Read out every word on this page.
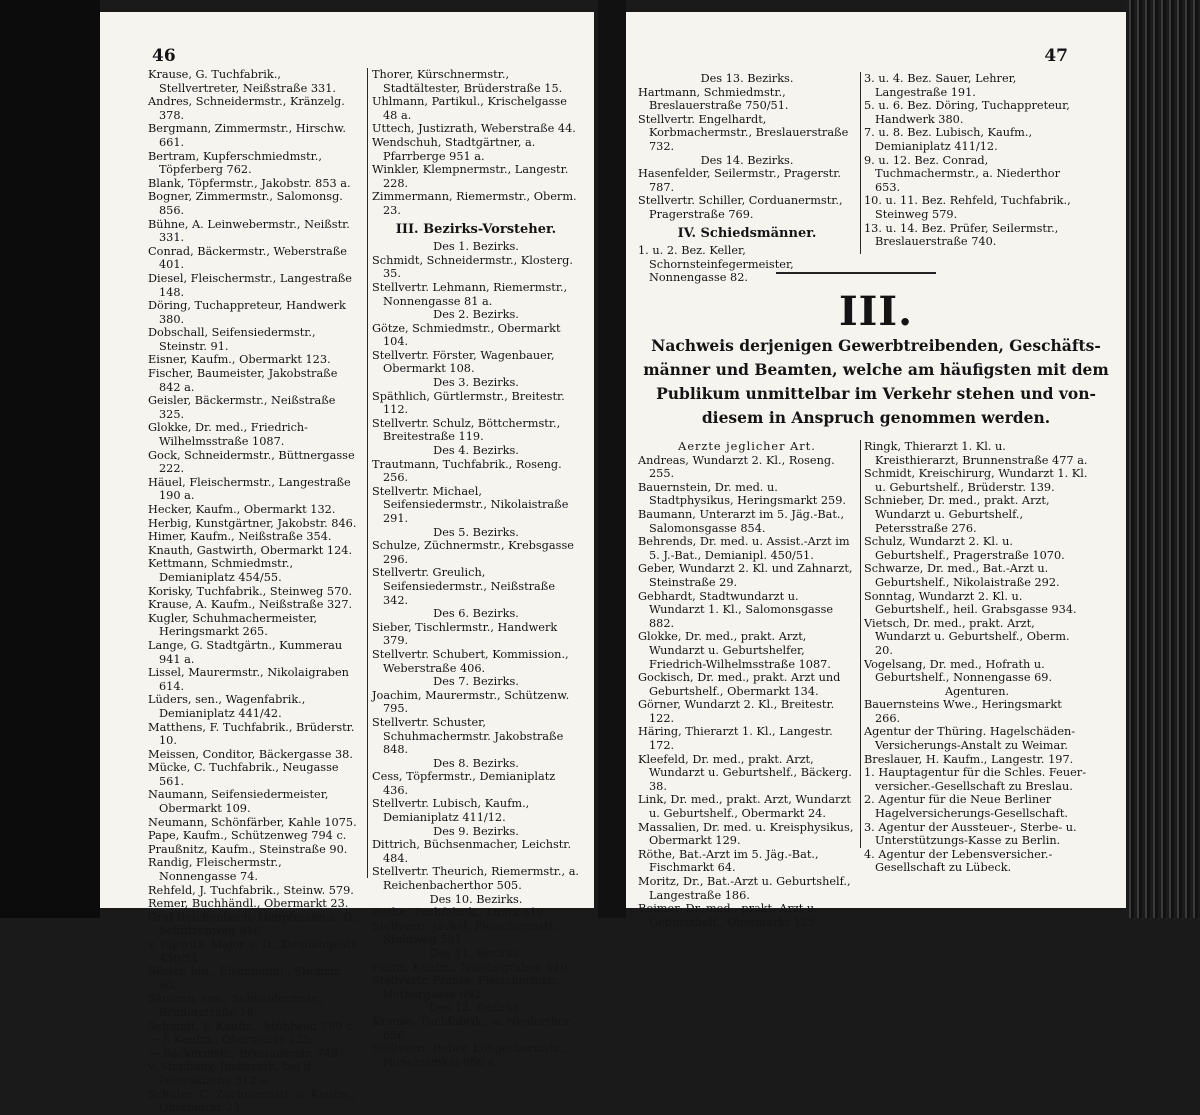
46

Krause, G. Tuchfabrik., Stellvertreter, Neißstraße 331.

Andres, Schneidermstr., Kränzelg. 378.

Bergmann, Zimmermstr., Hirschw. 661.

Bertram, Kupferschmiedmstr., Töpferberg 762.

Blank, Töpfermstr., Jakobstr. 853 a.

Bogner, Zimmermstr., Salomonsg. 856.

Bühne, A. Leinwebermstr., Neißstr. 331.

Conrad, Bäckermstr., Weberstraße 401.

Diesel, Fleischermstr., Langestraße 148.

Döring, Tuchappreteur, Handwerk 380.

Dobschall, Seifensiedermstr., Steinstr. 91.

Eisner, Kaufm., Obermarkt 123.

Fischer, Baumeister, Jakobstraße 842 a.

Geisler, Bäckermstr., Neißstraße 325.

Glokke, Dr. med., Friedrich-Wilhelmsstraße 1087.

Gock, Schneidermstr., Büttnergasse 222.

Häuel, Fleischermstr., Langestraße 190 a.

Hecker, Kaufm., Obermarkt 132.

Herbig, Kunstgärtner, Jakobstr. 846.

Himer, Kaufm., Neißstraße 354.

Knauth, Gastwirth, Obermarkt 124.

Kettmann, Schmiedmstr., Demianiplatz 454/55.

Korisky, Tuchfabrik., Steinweg 570.

Krause, A. Kaufm., Neißstraße 327.

Kugler, Schuhmachermeister, Heringsmarkt 265.

Lange, G. Stadtgärtn., Kummerau 941 a.

Lissel, Maurermstr., Nikolaigraben 614.

Lüders, sen., Wagenfabrik., Demianiplatz 441/42.

Matthens, F. Tuchfabrik., Brüderstr. 10.

Meissen, Conditor, Bäckergasse 38.

Mücke, C. Tuchfabrik., Neugasse 561.

Naumann, Seifensiedermeister, Obermarkt 109.

Neumann, Schönfärber, Kahle 1075.

Pape, Kaufm., Schützenweg 794 c.

Praußnitz, Kaufm., Steinstraße 90.

Randig, Fleischermstr., Nonnengasse 74.

Rehfeld, J. Tuchfabrik., Steinw. 579.

Remer, Buchhändl., Obermarkt 23.

Graf Reichenbach, Hauptmann a. D., Schützenweg 816.

v. Ripwitz, Major a. D., Demianiplatz 450/51.

Rösler, jun., Eisenhändl., Steinstr. 90.

Sämann, sen., Schneidermstr., Brüderstraße 16.

Schmidt, F. Kaufm., Mühlweg 799 c.

— J. Kaufm., Obermarkt 125.

— Bäckermstr., Breslauerstr. 748.

v. Stephany, Justizrath, bei d. Peterskirche 312 a.

Schulze, C. Züchnermstr. u. Kaufm., Obermarkt 23.

Thorer, Kürschnermstr., Stadtältester, Brüderstraße 15.

Uhlmann, Partikul., Krischelgasse 48 a.

Uttech, Justizrath, Weberstraße 44.

Wendschuh, Stadtgärtner, a. Pfarrberge 951 a.

Winkler, Klempnermstr., Langestr. 228.

Zimmermann, Riemermstr., Oberm. 23.

III. Bezirks-Vorsteher.

Des 1. Bezirks.

Schmidt, Schneidermstr., Klosterg. 35.

Stellvertr. Lehmann, Riemermstr., Nonnengasse 81 a.

Des 2. Bezirks.

Götze, Schmiedmstr., Obermarkt 104.

Stellvertr. Förster, Wagenbauer, Obermarkt 108.

Des 3. Bezirks.

Späthlich, Gürtlermstr., Breitestr. 112.

Stellvertr. Schulz, Böttchermstr., Breitestraße 119.

Des 4. Bezirks.

Trautmann, Tuchfabrik., Roseng. 256.

Stellvertr. Michael, Seifensiedermstr., Nikolaistraße 291.

Des 5. Bezirks.

Schulze, Züchnermstr., Krebsgasse 296.

Stellvertr. Greulich, Seifensiedermstr., Neißstraße 342.

Des 6. Bezirks.

Sieber, Tischlermstr., Handwerk 379.

Stellvertr. Schubert, Kommission., Weberstraße 406.

Des 7. Bezirks.

Joachim, Maurermstr., Schützenw. 795.

Stellvertr. Schuster, Schuhmachermstr. Jakobstraße 848.

Des 8. Bezirks.

Cess, Töpfermstr., Demianiplatz 436.

Stellvertr. Lubisch, Kaufm., Demianiplatz 411/12.

Des 9. Bezirks.

Dittrich, Büchsenmacher, Leichstr. 484.

Stellvertr. Theurich, Riemermstr., a. Reichenbacherthor 505.

Des 10. Bezirks.

Rothe, Tuchfabrik., Luntz 519.

Stellvertr. Jäckel, Fleischermstr., Steinweg 581.

Des 11. Bezirks.

Franz, Kaufm., Nikolaigraben 610.

Stellvertr. Prasse, Fleischermstr., Hothergasse 692.

Des 12. Bezirks.

Krause, Tuchfabrik., a. Niederthor 656.

Stellvertr. Rober, Lohgerbermstr., Hirschwinkel 666 a.

47

Des 13. Bezirks.

Hartmann, Schmiedmstr., Breslauerstraße 750/51.

Stellvertr. Engelhardt, Korbmachermstr., Breslauerstraße 732.

Des 14. Bezirks.

Hasenfelder, Seilermstr., Pragerstr. 787.

Stellvertr. Schiller, Corduanermstr., Pragerstraße 769.

IV. Schiedsmänner.

1. u. 2. Bez. Keller, Schornsteinfegermeister, Nonnengasse 82.

3. u. 4. Bez. Sauer, Lehrer, Langestraße 191.

5. u. 6. Bez. Döring, Tuchappreteur, Handwerk 380.

7. u. 8. Bez. Lubisch, Kaufm., Demianiplatz 411/12.

9. u. 12. Bez. Conrad, Tuchmachermstr., a. Niederthor 653.

10. u. 11. Bez. Rehfeld, Tuchfabrik., Steinweg 579.

13. u. 14. Bez. Prüfer, Seilermstr., Breslauerstraße 740.

III.
Nachweis derjenigen Gewerbtreibenden, Geschäfts-
männer und Beamten, welche am häufigsten mit dem
Publikum unmittelbar im Verkehr stehen und von-
diesem in Anspruch genommen werden.
Aerzte jeglicher Art.

Andreas, Wundarzt 2. Kl., Roseng. 255.

Bauernstein, Dr. med. u. Stadtphysikus, Heringsmarkt 259.

Baumann, Unterarzt im 5. Jäg.-Bat., Salomonsgasse 854.

Behrends, Dr. med. u. Assist.-Arzt im 5. J.-Bat., Demianipl. 450/51.

Geber, Wundarzt 2. Kl. und Zahnarzt, Steinstraße 29.

Gebhardt, Stadtwundarzt u. Wundarzt 1. Kl., Salomonsgasse 882.

Glokke, Dr. med., prakt. Arzt, Wundarzt u. Geburtshelfer, Friedrich-Wilhelmsstraße 1087.

Gockisch, Dr. med., prakt. Arzt und Geburtshelf., Obermarkt 134.

Görner, Wundarzt 2. Kl., Breitestr. 122.

Häring, Thierarzt 1. Kl., Langestr. 172.

Kleefeld, Dr. med., prakt. Arzt, Wundarzt u. Geburtshelf., Bäckerg. 38.

Link, Dr. med., prakt. Arzt, Wundarzt u. Geburtshelf., Obermarkt 24.

Massalien, Dr. med. u. Kreisphysikus, Obermarkt 129.

Röthe, Bat.-Arzt im 5. Jäg.-Bat., Fischmarkt 64.

Moritz, Dr., Bat.-Arzt u. Geburtshelf., Langestraße 186.

Reimer, Dr. med., prakt. Arzt u. Geburtshelf., Obermarkt 125.

Ringk, Thierarzt 1. Kl. u. Kreisthierarzt, Brunnenstraße 477 a.

Schmidt, Kreischirurg, Wundarzt 1. Kl. u. Geburtshelf., Brüderstr. 139.

Schnieber, Dr. med., prakt. Arzt, Wundarzt u. Geburtshelf., Petersstraße 276.

Schulz, Wundarzt 2. Kl. u. Geburtshelf., Pragerstraße 1070.

Schwarze, Dr. med., Bat.-Arzt u. Geburtshelf., Nikolaistraße 292.

Sonntag, Wundarzt 2. Kl. u. Geburtshelf., heil. Grabsgasse 934.

Vietsch, Dr. med., prakt. Arzt, Wundarzt u. Geburtshelf., Oberm. 20.

Vogelsang, Dr. med., Hofrath u. Geburtshelf., Nonnengasse 69.

Agenturen.

Bauernsteins Wwe., Heringsmarkt 266.

Agentur der Thüring. Hagelschäden-Versicherungs-Anstalt zu Weimar.

Breslauer, H. Kaufm., Langestr. 197.

1. Hauptagentur für die Schles. Feuer-versicher.-Gesellschaft zu Breslau.

2. Agentur für die Neue Berliner Hagelversicherungs-Gesellschaft.

3. Agentur der Aussteuer-, Sterbe- u. Unterstützungs-Kasse zu Berlin.

4. Agentur der Lebensversicher.-Gesellschaft zu Lübeck.
